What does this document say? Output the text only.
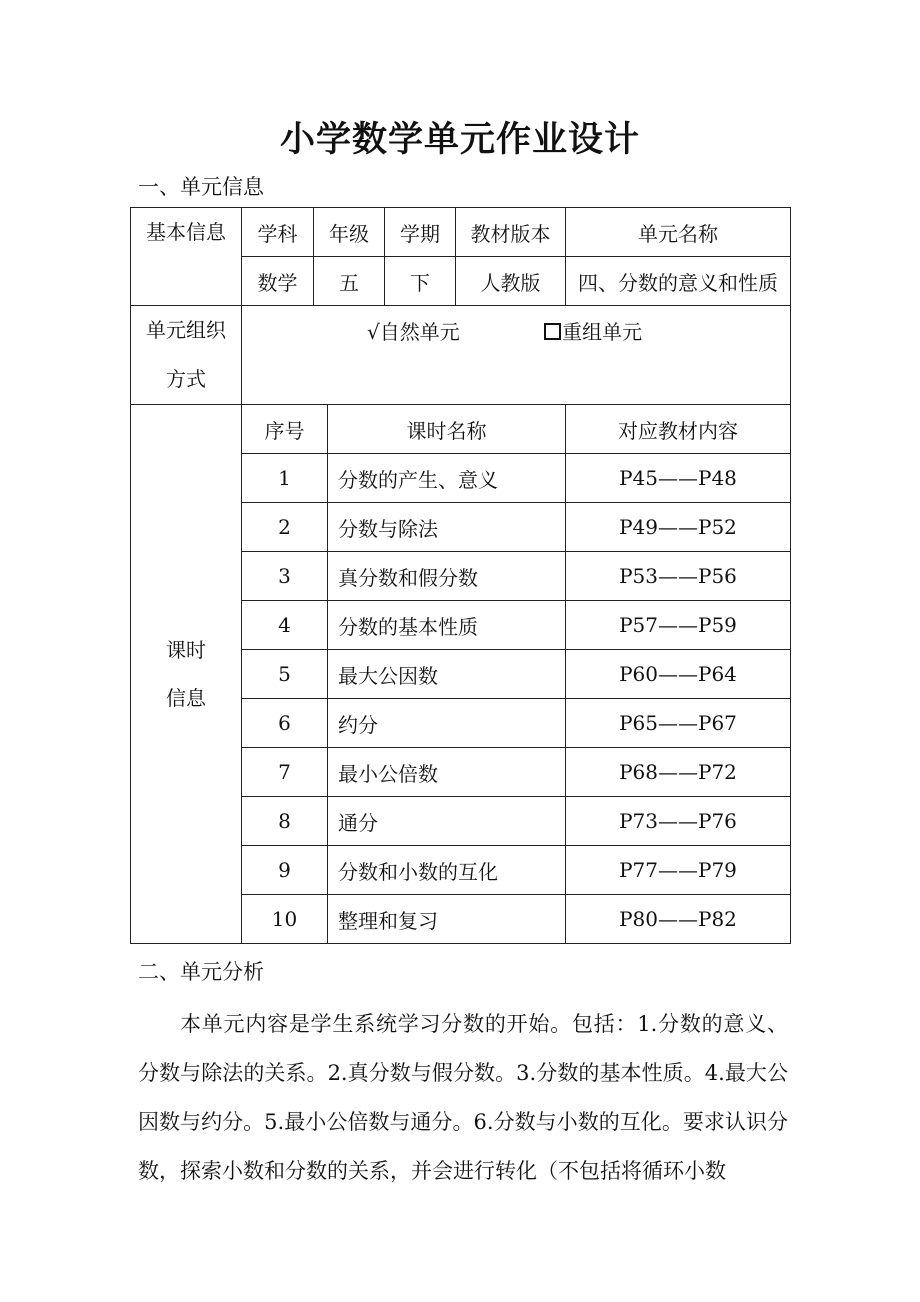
小学数学单元作业设计
一、单元信息
基本信息	学科	年级		学期	教材版本	单元名称
	数学	五		下	人教版	四、分数的意义和性质

单元组织
方式	√自然单元 重组单元					

课时
信息	序号		课时名称			对应教材内容
	1		分数的产生、意义			P45——P48
	2		分数与除法			P49——P52
	3		真分数和假分数			P53——P56
	4		分数的基本性质			P57——P59
	5		最大公因数			P60——P64
	6		约分			P65——P67
	7		最小公倍数			P68——P72
	8		通分			P73——P76
	9		分数和小数的互化			P77——P79
	10		整理和复习			P80——P82
二、单元分析
本单元内容是学生系统学习分数的开始。包括：1.分数的意义、分数与除法的关系。2.真分数与假分数。3.分数的基本性质。4.最大公因数与约分。5.最小公倍数与通分。6.分数与小数的互化。要求认识分数，探索小数和分数的关系，并会进行转化（不包括将循环小数
